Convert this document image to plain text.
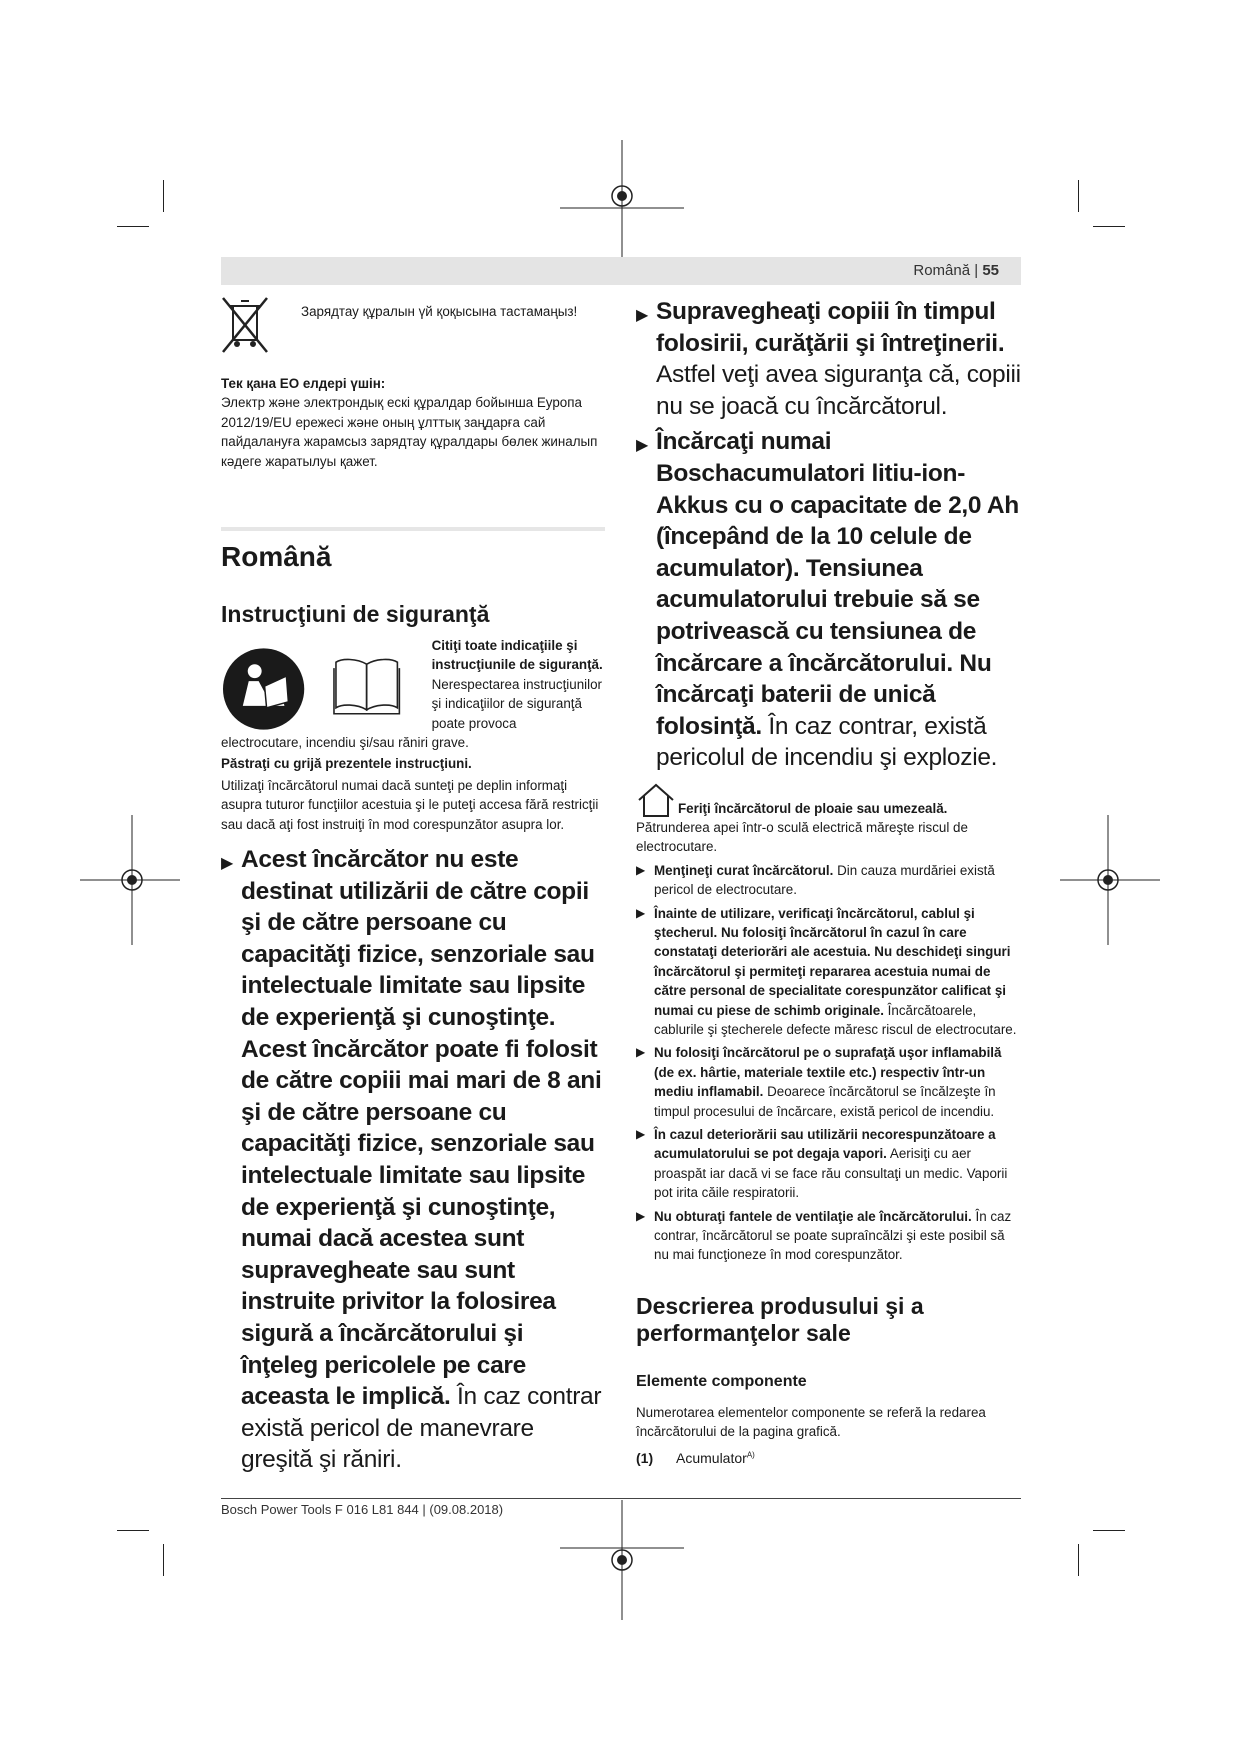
Română | 55

Зарядтау құралын үй қоқысына тастамаңыз!

Тек қана ЕО елдері үшін:

Электр және электрондық ескі құралдар бойынша Еуропа 2012/19/EU ережесі және оның ұлттық заңдарға сай пайдалануға жарамсыз зарядтау құралдары бөлек жиналып кәдеге жаратылуы қажет.

Română
Instrucţiuni de siguranţă

Citiţi toate indicaţiile şi instrucţiunile de siguranţă. Nerespectarea instrucţiunilor şi indicaţiilor de siguranţă poate provoca

electrocutare, incendiu şi/sau răniri grave.

Păstraţi cu grijă prezentele instrucţiuni.

Utilizaţi încărcătorul numai dacă sunteţi pe deplin informaţi asupra tuturor funcţiilor acestuia şi le puteţi accesa fără restricţii sau dacă aţi fost instruiţi în mod corespunzător asupra lor.

▶ Acest încărcător nu este destinat utilizării de către copii şi de către persoane cu capacităţi fizice, senzoriale sau intelectuale limitate sau lipsite de experienţă şi cunoştinţe. Acest încărcător poate fi folosit de către copiii mai mari de 8 ani şi de către persoane cu capacităţi fizice, senzoriale sau intelectuale limitate sau lipsite de experienţă şi cunoştinţe, numai dacă acestea sunt supravegheate sau sunt instruite privitor la folosirea sigură a încărcătorului şi înţeleg pericolele pe care aceasta le implică. În caz contrar există pericol de manevrare greşită şi răniri.
▶ Supravegheaţi copiii în timpul folosirii, curăţării şi întreţinerii. Astfel veţi avea siguranţa că, copiii nu se joacă cu încărcătorul.
▶ Încărcaţi numai Boschacumulatori litiu-ion-Akkus cu o capacitate de 2,0 Ah (începând de la 10 celule de acumulator). Tensiunea acumulatorului trebuie să se potrivească cu tensiunea de încărcare a încărcătorului. Nu încărcaţi baterii de unică folosinţă. În caz contrar, există pericolul de incendiu şi explozie.

Feriţi încărcătorul de ploaie sau umezeală.

Pătrunderea apei într-o sculă electrică măreşte riscul de electrocutare.

▶ Menţineţi curat încărcătorul. Din cauza murdăriei există pericol de electrocutare.
▶ Înainte de utilizare, verificaţi încărcătorul, cablul şi ştecherul. Nu folosiţi încărcătorul în cazul în care constataţi deteriorări ale acestuia. Nu deschideţi singuri încărcătorul şi permiteţi repararea acestuia numai de către personal de specialitate corespunzător calificat şi numai cu piese de schimb originale. Încărcătoarele, cablurile şi ştecherele defecte măresc riscul de electrocutare.
▶ Nu folosiţi încărcătorul pe o suprafaţă uşor inflamabilă (de ex. hârtie, materiale textile etc.) respectiv într-un mediu inflamabil. Deoarece încărcătorul se încălzeşte în timpul procesului de încărcare, există pericol de incendiu.
▶ În cazul deteriorării sau utilizării necorespunzătoare a acumulatorului se pot degaja vapori. Aerisiţi cu aer proaspăt iar dacă vi se face rău consultaţi un medic. Vaporii pot irita căile respiratorii.
▶ Nu obturaţi fantele de ventilaţie ale încărcătorului. În caz contrar, încărcătorul se poate supraîncălzi şi este posibil să nu mai funcţioneze în mod corespunzător.
Descrierea produsului şi a performanţelor sale
Elemente componente

Numerotarea elementelor componente se referă la redarea încărcătorului de la pagina grafică.

(1) Acumulator$^{A)}$
Bosch Power Tools F 016 L81 844 | (09.08.2018)
